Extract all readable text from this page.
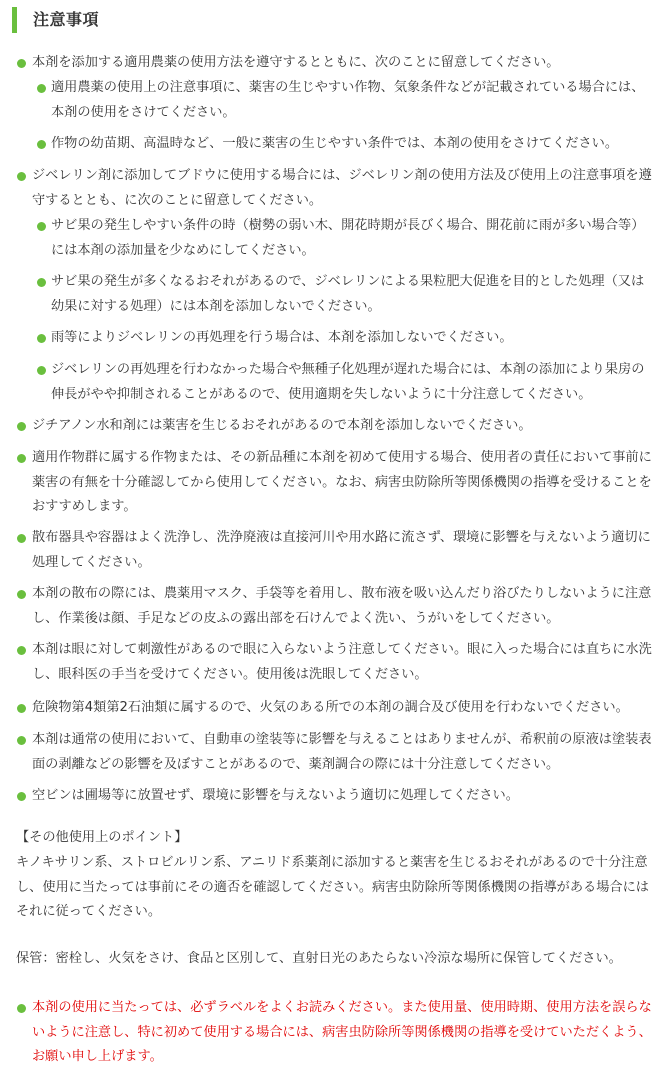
注意事項
本剤を添加する適用農薬の使用方法を遵守するとともに、次のことに留意してください。
適用農薬の使用上の注意事項に、薬害の生じやすい作物、気象条件などが記載されている場合には、本剤の使用をさけてください。
作物の幼苗期、高温時など、一般に薬害の生じやすい条件では、本剤の使用をさけてください。
ジベレリン剤に添加してブドウに使用する場合には、ジベレリン剤の使用方法及び使用上の注意事項を遵守するととも、に次のことに留意してください。
サビ果の発生しやすい条件の時（樹勢の弱い木、開花時期が長びく場合、開花前に雨が多い場合等）には本剤の添加量を少なめにしてください。
サビ果の発生が多くなるおそれがあるので、ジベレリンによる果粒肥大促進を目的とした処理（又は幼果に対する処理）には本剤を添加しないでください。
雨等によりジベレリンの再処理を行う場合は、本剤を添加しないでください。
ジベレリンの再処理を行わなかった場合や無種子化処理が遅れた場合には、本剤の添加により果房の伸長がやや抑制されることがあるので、使用適期を失しないように十分注意してください。
ジチアノン水和剤には薬害を生じるおそれがあるので本剤を添加しないでください。
適用作物群に属する作物または、その新品種に本剤を初めて使用する場合、使用者の責任において事前に薬害の有無を十分確認してから使用してください。なお、病害虫防除所等関係機関の指導を受けることをおすすめします。
散布器具や容器はよく洗浄し、洗浄廃液は直接河川や用水路に流さず、環境に影響を与えないよう適切に処理してください。
本剤の散布の際には、農薬用マスク、手袋等を着用し、散布液を吸い込んだり浴びたりしないように注意し、作業後は顔、手足などの皮ふの露出部を石けんでよく洗い、うがいをしてください。
本剤は眼に対して刺激性があるので眼に入らないよう注意してください。眼に入った場合には直ちに水洗し、眼科医の手当を受けてください。使用後は洗眼してください。
危険物第4類第2石油類に属するので、火気のある所での本剤の調合及び使用を行わないでください。
本剤は通常の使用において、自動車の塗装等に影響を与えることはありませんが、希釈前の原液は塗装表面の剥離などの影響を及ぼすことがあるので、薬剤調合の際には十分注意してください。
空ビンは圃場等に放置せず、環境に影響を与えないよう適切に処理してください。
【その他使用上のポイント】
キノキサリン系、ストロビルリン系、アニリド系薬剤に添加すると薬害を生じるおそれがあるので十分注意し、使用に当たっては事前にその適否を確認してください。病害虫防除所等関係機関の指導がある場合にはそれに従ってください。
保管：密栓し、火気をさけ、食品と区別して、直射日光のあたらない冷涼な場所に保管してください。
本剤の使用に当たっては、必ずラベルをよくお読みください。また使用量、使用時期、使用方法を誤らないように注意し、特に初めて使用する場合には、病害虫防除所等関係機関の指導を受けていただくよう、お願い申し上げます。
